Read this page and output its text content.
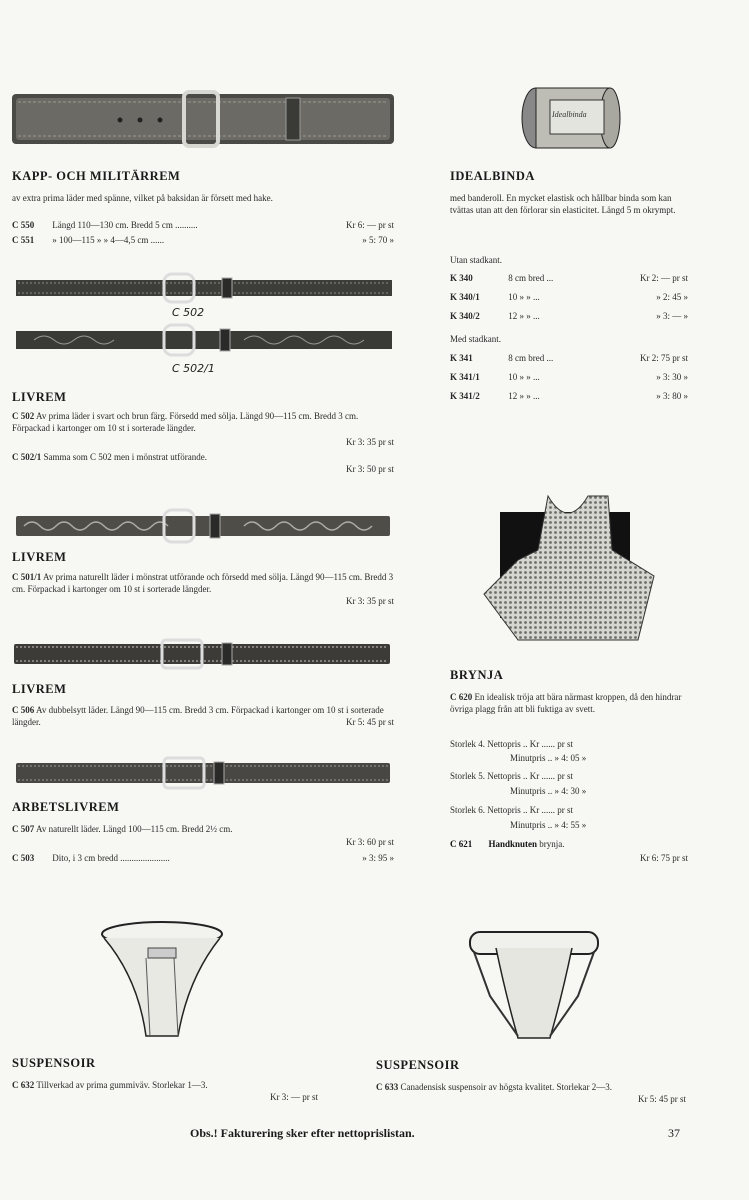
KAPP- OCH MILITÄRREM
av extra prima läder med spänne, vilket på baksidan är försett med hake.
C 550 Längd 110—130 cm. Bredd 5 cm ..........	Kr 6: — pr st
C 551 » 100—115 » » 4—4,5 cm ......	» 5: 70 »
C 502
C 502/1
LIVREM
C 502 Av prima läder i svart och brun färg. Försedd med sölja. Längd 90—115 cm. Bredd 3 cm. Förpackad i kartonger om 10 st i sorterade längder.
Kr 3: 35 pr st
C 502/1 Samma som C 502 men i mönstrat utförande.
Kr 3: 50 pr st
LIVREM
C 501/1 Av prima naturellt läder i mönstrat utförande och försedd med sölja. Längd 90—115 cm. Bredd 3 cm. Förpackad i kartonger om 10 st i sorterade längder.
Kr 3: 35 pr st
LIVREM
C 506 Av dubbelsytt läder. Längd 90—115 cm. Bredd 3 cm. Förpackad i kartonger om 10 st i sorterade längder.	Kr 5: 45 pr st
ARBETSLIVREM
C 507 Av naturellt läder. Längd 100—115 cm. Bredd 2½ cm.
Kr 3: 60 pr st
C 503 Dito, i 3 cm bredd ......................	» 3: 95 »
SUSPENSOIR
C 632 Tillverkad av prima gummiväv. Storlekar 1—3.
Kr 3: — pr st
Idealbinda
IDEALBINDA
med banderoll. En mycket elastisk och hållbar binda som kan tvättas utan att den förlorar sin elasticitet. Längd 5 m okrympt.
Utan stadkant.
K 340	8 cm bred ...	Kr 2: — pr st
K 340/1	10 » » ...	» 2: 45 »
K 340/2	12 » » ...	» 3: — »
Med stadkant.
K 341	8 cm bred ...	Kr 2: 75 pr st
K 341/1	10 » » ...	» 3: 30 »
K 341/2	12 » » ...	» 3: 80 »
BRYNJA
C 620 En idealisk tröja att bära närmast kroppen, då den hindrar övriga plagg från att bli fuktiga av svett.
Storlek 4. Nettopris .. Kr ...... pr st
Minutpris .. » 4: 05 »
Storlek 5. Nettopris .. Kr ...... pr st
Minutpris .. » 4: 30 »
Storlek 6. Nettopris .. Kr ...... pr st
Minutpris .. » 4: 55 »
C 621 Handknuten brynja.
Kr 6: 75 pr st
SUSPENSOIR
C 633 Canadensisk suspensoir av högsta kvalitet. Storlekar 2—3.
Kr 5: 45 pr st
Obs.! Fakturering sker efter nettoprislistan.	37
